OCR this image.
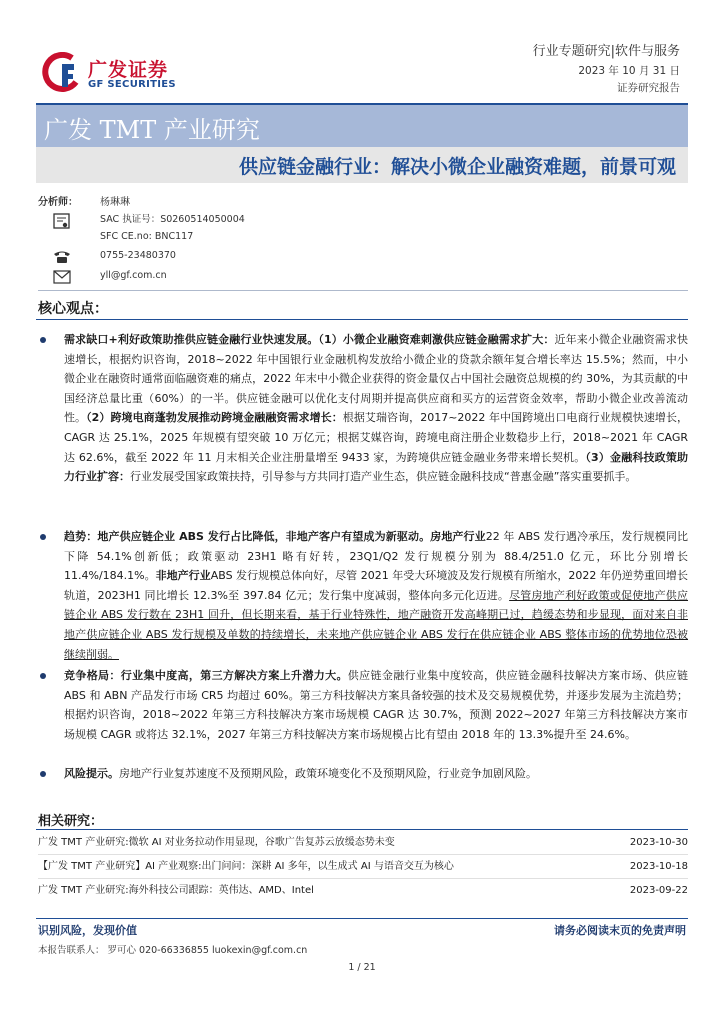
广发证券
GF SECURITIES
行业专题研究|软件与服务
2023 年 10 月 31 日
证券研究报告
广发 TMT 产业研究
供应链金融行业：解决小微企业融资难题，前景可观
分析师： 杨琳琳
SAC 执证号：S0260514050004
SFC CE.no: BNC117
0755-23480370
yll@gf.com.cn
核心观点：
需求缺口+利好政策助推供应链金融行业快速发展。（1）小微企业融资难刺激供应链金融需求扩大：近年来小微企业融资需求快速增长，根据灼识咨询，2018~2022 年中国银行业金融机构发放给小微企业的贷款余额年复合增长率达 15.5%；然而，中小微企业在融资时通常面临融资难的痛点，2022 年末中小微企业获得的资金量仅占中国社会融资总规模的约 30%，为其贡献的中国经济总量比重（60%）的一半。供应链金融可以优化支付周期并提高供应商和买方的运营资金效率，帮助小微企业改善流动性。（2）跨境电商蓬勃发展推动跨境金融融资需求增长：根据艾瑞咨询，2017~2022 年中国跨境出口电商行业规模快速增长，CAGR 达 25.1%，2025 年规模有望突破 10 万亿元；根据艾媒咨询，跨境电商注册企业数稳步上行，2018~2021 年 CAGR 达 62.6%，截至 2022 年 11 月末相关企业注册量增至 9433 家，为跨境供应链金融业务带来增长契机。（3）金融科技政策助力行业扩容：行业发展受国家政策扶持，引导参与方共同打造产业生态，供应链金融科技成“普惠金融”落实重要抓手。
趋势：地产供应链企业 ABS 发行占比降低，非地产客户有望成为新驱动。房地产行业22 年 ABS 发行遇冷承压，发行规模同比下降 54.1%创新低；政策驱动 23H1 略有好转，23Q1/Q2 发行规模分别为 88.4/251.0 亿元，环比分别增长 11.4%/184.1%。非地产行业ABS 发行规模总体向好，尽管 2021 年受大环境波及发行规模有所缩水，2022 年仍逆势重回增长轨道，2023H1 同比增长 12.3%至 397.84 亿元；发行集中度减弱，整体向多元化迈进。尽管房地产利好政策或促使地产供应链企业 ABS 发行数在 23H1 回升，但长期来看，基于行业特殊性，地产融资开发高峰期已过，趋缓态势和步显现，面对来自非地产供应链企业 ABS 发行规模及单数的持续增长，未来地产供应链企业 ABS 发行在供应链企业 ABS 整体市场的优势地位恐被继续削弱。
竞争格局：行业集中度高，第三方解决方案上升潜力大。供应链金融行业集中度较高，供应链金融科技解决方案市场、供应链 ABS 和 ABN 产品发行市场 CR5 均超过 60%。第三方科技解决方案具备较强的技术及交易规模优势，并逐步发展为主流趋势；根据灼识咨询，2018~2022 年第三方科技解决方案市场规模 CAGR 达 30.7%，预测 2022~2027 年第三方科技解决方案市场规模 CAGR 或将达 32.1%，2027 年第三方科技解决方案市场规模占比有望由 2018 年的 13.3%提升至 24.6%。
风险提示。房地产行业复苏速度不及预期风险，政策环境变化不及预期风险，行业竞争加剧风险。
相关研究：
广发 TMT 产业研究:微软 AI 对业务拉动作用显现，谷歌广告复苏云放缓态势未变	2023-10-30
【广发 TMT 产业研究】AI 产业观察:出门问问：深耕 AI 多年，以生成式 AI 与语音交互为核心	2023-10-18
广发 TMT 产业研究:海外科技公司跟踪：英伟达、AMD、Intel	2023-09-22
识别风险，发现价值	请务必阅读末页的免责声明
本报告联系人： 罗可心 020-66336855 luokexin@gf.com.cn
1 / 21
